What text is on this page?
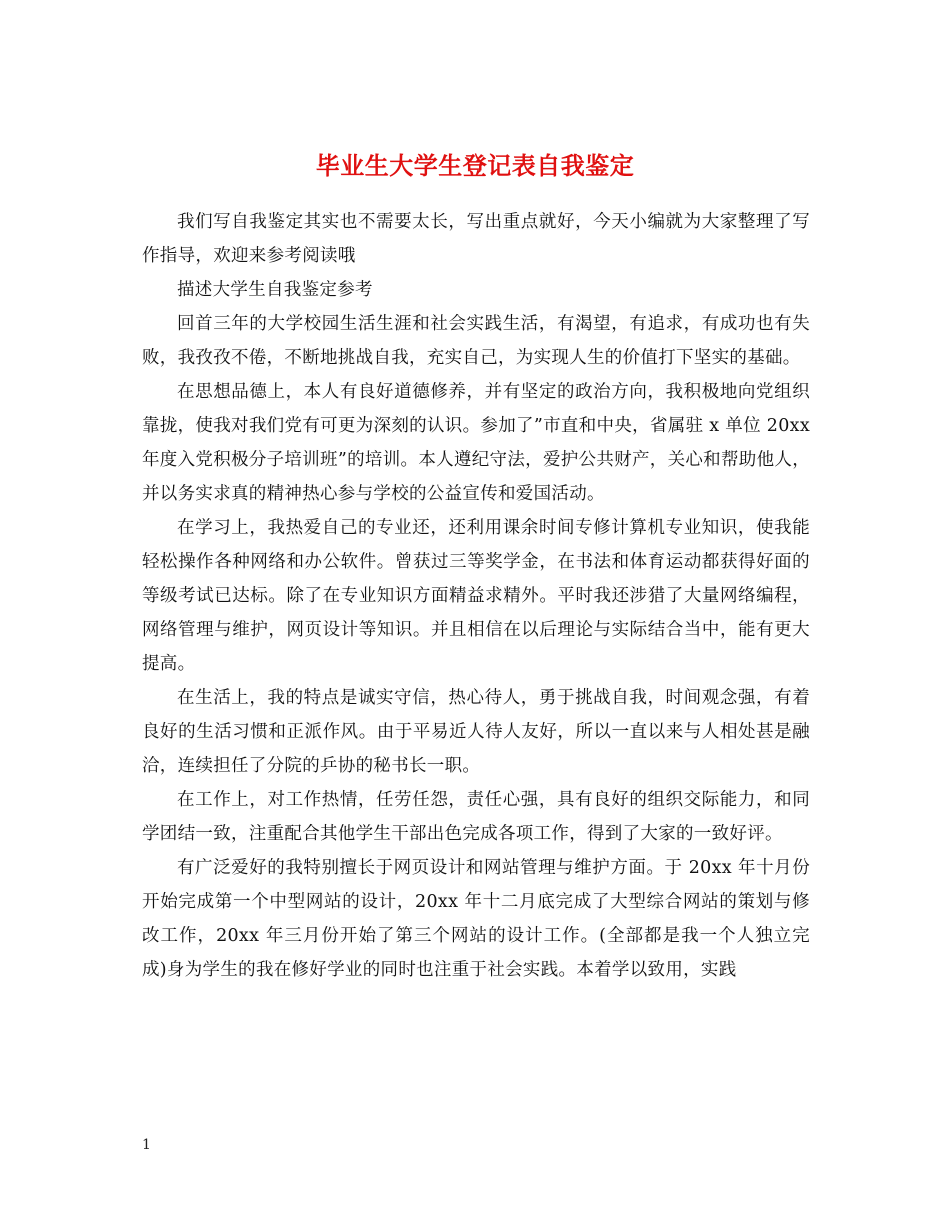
毕业生大学生登记表自我鉴定

我们写自我鉴定其实也不需要太长，写出重点就好，今天小编就为大家整理了写作指导，欢迎来参考阅读哦

描述大学生自我鉴定参考

回首三年的大学校园生活生涯和社会实践生活，有渴望，有追求，有成功也有失败，我孜孜不倦，不断地挑战自我，充实自己，为实现人生的价值打下坚实的基础。

在思想品德上，本人有良好道德修养，并有坚定的政治方向，我积极地向党组织靠拢，使我对我们党有可更为深刻的认识。参加了”市直和中央，省属驻 x 单位 20xx 年度入党积极分子培训班”的培训。本人遵纪守法，爱护公共财产，关心和帮助他人，并以务实求真的精神热心参与学校的公益宣传和爱国活动。

在学习上，我热爱自己的专业还，还利用课余时间专修计算机专业知识，使我能轻松操作各种网络和办公软件。曾获过三等奖学金，在书法和体育运动都获得好面的等级考试已达标。除了在专业知识方面精益求精外。平时我还涉猎了大量网络编程，网络管理与维护，网页设计等知识。并且相信在以后理论与实际结合当中，能有更大提高。

在生活上，我的特点是诚实守信，热心待人，勇于挑战自我，时间观念强，有着良好的生活习惯和正派作风。由于平易近人待人友好，所以一直以来与人相处甚是融洽，连续担任了分院的乒协的秘书长一职。

在工作上，对工作热情，任劳任怨，责任心强，具有良好的组织交际能力，和同学团结一致，注重配合其他学生干部出色完成各项工作，得到了大家的一致好评。

有广泛爱好的我特别擅长于网页设计和网站管理与维护方面。于 20xx 年十月份开始完成第一个中型网站的设计，20xx 年十二月底完成了大型综合网站的策划与修改工作，20xx 年三月份开始了第三个网站的设计工作。(全部都是我一个人独立完成)身为学生的我在修好学业的同时也注重于社会实践。本着学以致用，实践

1
